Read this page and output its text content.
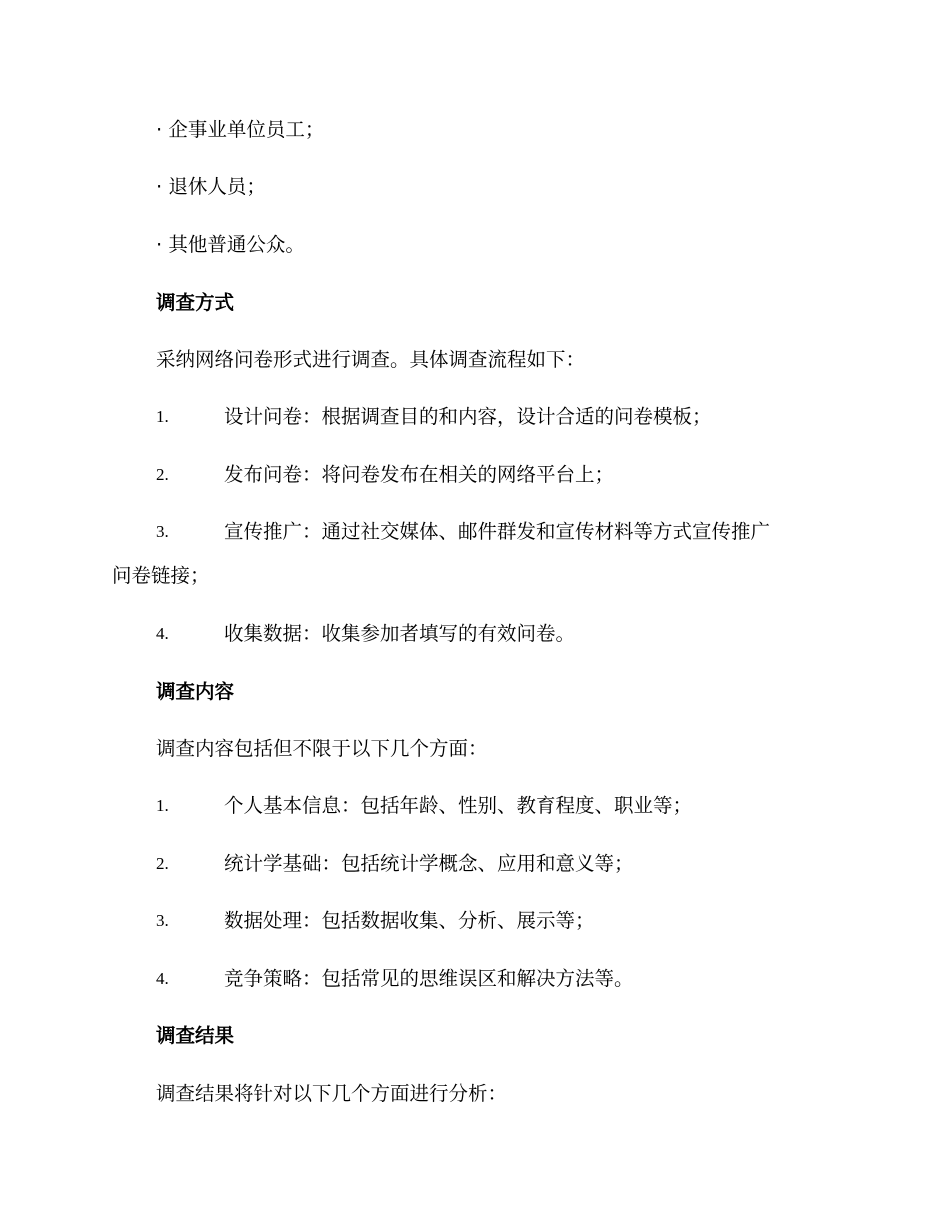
· 企事业单位员工；
· 退休人员；
· 其他普通公众。
调查方式
采纳网络问卷形式进行调查。具体调查流程如下：
1.	设计问卷：根据调查目的和内容，设计合适的问卷模板；
2.	发布问卷：将问卷发布在相关的网络平台上；
3.	宣传推广：通过社交媒体、邮件群发和宣传材料等方式宣传推广
问卷链接；
4.	收集数据：收集参加者填写的有效问卷。
调查内容
调查内容包括但不限于以下几个方面：
1.	个人基本信息：包括年龄、性别、教育程度、职业等；
2.	统计学基础：包括统计学概念、应用和意义等；
3.	数据处理：包括数据收集、分析、展示等；
4.	竞争策略：包括常见的思维误区和解决方法等。
调查结果
调查结果将针对以下几个方面进行分析：
